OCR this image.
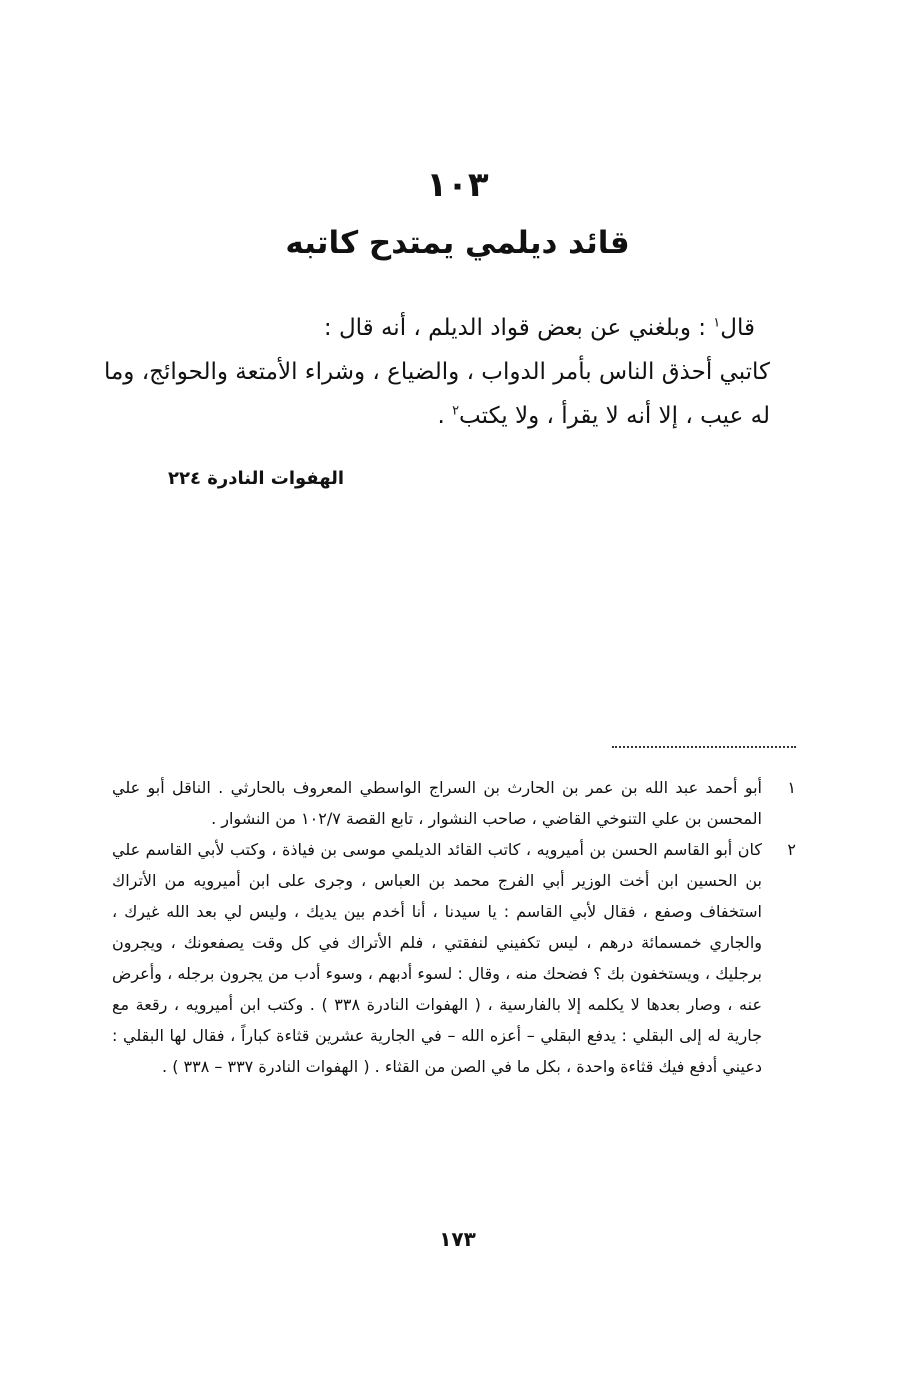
١٠٣
قائد ديلمي يمتدح كاتبه

قال$^١$ : وبلغني عن بعض قواد الديلم ، أنه قال :

كاتبي أحذق الناس بأمر الدواب ، والضياع ، وشراء الأمتعة والحوائج، وما له عيب ، إلا أنه لا يقرأ ، ولا يكتب$^٢$ .

الهفوات النادرة ٢٢٤
١
أبو أحمد عبد الله بن عمر بن الحارث بن السراج الواسطي المعروف بالحارثي . الناقل أبو علي المحسن بن علي التنوخي القاضي ، صاحب النشوار ، تابع القصة ١٠٢/٧ من النشوار .
٢
كان أبو القاسم الحسن بن أميرويه ، كاتب القائد الديلمي موسى بن فياذة ، وكتب لأبي القاسم علي بن الحسين ابن أخت الوزير أبي الفرج محمد بن العباس ، وجرى على ابن أميرويه من الأتراك استخفاف وصفع ، فقال لأبي القاسم : يا سيدنا ، أنا أخدم بين يديك ، وليس لي بعد الله غيرك ، والجاري خمسمائة درهم ، ليس تكفيني لنفقتي ، فلم الأتراك في كل وقت يصفعونك ، ويجرون برجليك ، ويستخفون بك ؟ فضحك منه ، وقال : لسوء أدبهم ، وسوء أدب من يجرون برجله ، وأعرض عنه ، وصار بعدها لا يكلمه إلا بالفارسية ، ( الهفوات النادرة ٣٣٨ ) . وكتب ابن أميرويه ، رقعة مع جارية له إلى البقلي : يدفع البقلي – أعزه الله – في الجارية عشرين قثاءة كباراً ، فقال لها البقلي : دعيني أدفع فيك قثاءة واحدة ، بكل ما في الصن من القثاء . ( الهفوات النادرة ٣٣٧ – ٣٣٨ ) .
١٧٣
